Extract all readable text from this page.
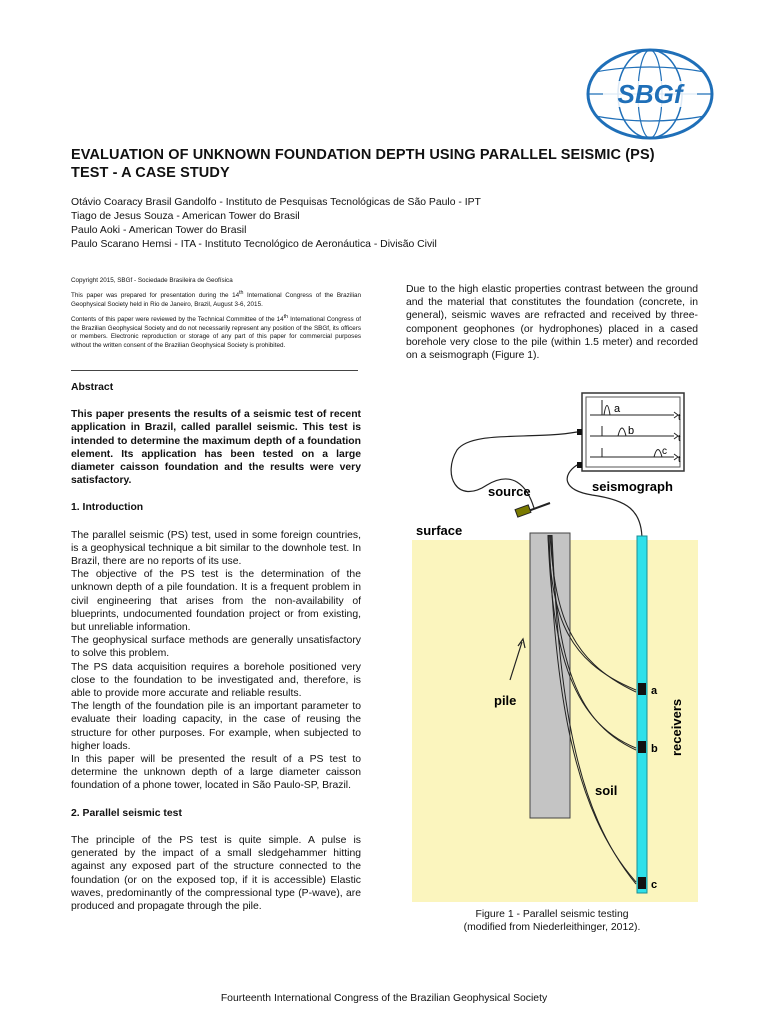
SBGf
EVALUATION OF UNKNOWN FOUNDATION DEPTH USING PARALLEL SEISMIC (PS)
TEST - A CASE STUDY
Otávio Coaracy Brasil Gandolfo - Instituto de Pesquisas Tecnológicas de São Paulo - IPT
Tiago de Jesus Souza - American Tower do Brasil
Paulo Aoki - American Tower do Brasil
Paulo Scarano Hemsi - ITA - Instituto Tecnológico de Aeronáutica - Divisão Civil

Copyright 2015, SBGf - Sociedade Brasileira de Geofísica

This paper was prepared for presentation during the 14th International Congress of the Brazilian Geophysical Society held in Rio de Janeiro, Brazil, August 3-6, 2015.

Contents of this paper were reviewed by the Technical Committee of the 14th International Congress of the Brazilian Geophysical Society and do not necessarily represent any position of the SBGf, its officers or members. Electronic reproduction or storage of any part of this paper for commercial purposes without the written consent of the Brazilian Geophysical Society is prohibited.

Abstract

This paper presents the results of a seismic test of recent application in Brazil, called parallel seismic. This test is intended to determine the maximum depth of a foundation element. Its application has been tested on a large diameter caisson foundation and the results were very satisfactory.

1. Introduction

The parallel seismic (PS) test, used in some foreign countries, is a geophysical technique a bit similar to the downhole test. In Brazil, there are no reports of its use.

The objective of the PS test is the determination of the unknown depth of a pile foundation. It is a frequent problem in civil engineering that arises from the non-availability of blueprints, undocumented foundation project or from existing, but unreliable information.

The geophysical surface methods are generally unsatisfactory to solve this problem.

The PS data acquisition requires a borehole positioned very close to the foundation to be investigated and, therefore, is able to provide more accurate and reliable results.

The length of the foundation pile is an important parameter to evaluate their loading capacity, in the case of reusing the structure for other purposes. For example, when subjected to higher loads.

In this paper will be presented the result of a PS test to determine the unknown depth of a large diameter caisson foundation of a phone tower, located in São Paulo-SP, Brazil.

2. Parallel seismic test

The principle of the PS test is quite simple. A pulse is generated by the impact of a small sledgehammer hitting against any exposed part of the structure connected to the foundation (or on the exposed top, if it is accessible) Elastic waves, predominantly of the compressional type (P-wave), are produced and propagate through the pile.

Due to the high elastic properties contrast between the ground and the material that constitutes the foundation (concrete, in general), seismic waves are refracted and received by three-component geophones (or hydrophones) placed in a cased borehole very close to the pile (within 1.5 meter) and recorded on a seismograph (Figure 1).

a
b
c
t
t
t
source	seismograph
surface
a
b
c
pile
soil
receivers
Figure 1 - Parallel seismic testing
(modified from Niederleithinger, 2012).
Fourteenth International Congress of the Brazilian Geophysical Society
